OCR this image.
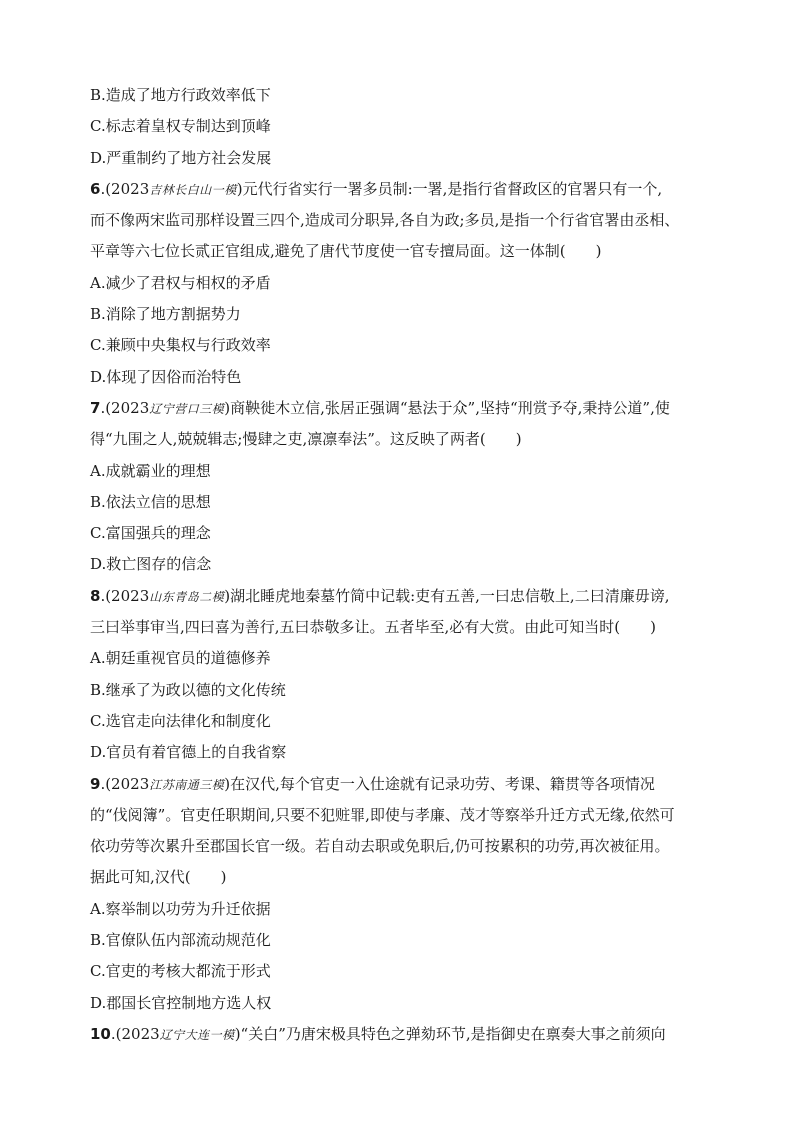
B.造成了地方行政效率低下
C.标志着皇权专制达到顶峰
D.严重制约了地方社会发展
6.(2023吉林长白山一模)元代行省实行一署多员制:一署,是指行省督政区的官署只有一个,
而不像两宋监司那样设置三四个,造成司分职异,各自为政;多员,是指一个行省官署由丞相、
平章等六七位长贰正官组成,避免了唐代节度使一官专擅局面。这一体制(　　)
A.减少了君权与相权的矛盾
B.消除了地方割据势力
C.兼顾中央集权与行政效率
D.体现了因俗而治特色
7.(2023辽宁营口三模)商鞅徙木立信,张居正强调“悬法于众”,坚持“刑赏予夺,秉持公道”,使
得“九围之人,兢兢辑志;慢肆之吏,凛凛奉法”。这反映了两者(　　)
A.成就霸业的理想
B.依法立信的思想
C.富国强兵的理念
D.救亡图存的信念
8.(2023山东青岛二模)湖北睡虎地秦墓竹简中记载:吏有五善,一曰忠信敬上,二曰清廉毋谤,
三曰举事审当,四曰喜为善行,五曰恭敬多让。五者毕至,必有大赏。由此可知当时(　　)
A.朝廷重视官员的道德修养
B.继承了为政以德的文化传统
C.选官走向法律化和制度化
D.官员有着官德上的自我省察
9.(2023江苏南通三模)在汉代,每个官吏一入仕途就有记录功劳、考课、籍贯等各项情况
的“伐阅簿”。官吏任职期间,只要不犯赃罪,即使与孝廉、茂才等察举升迁方式无缘,依然可
依功劳等次累升至郡国长官一级。若自动去职或免职后,仍可按累积的功劳,再次被征用。
据此可知,汉代(　　)
A.察举制以功劳为升迁依据
B.官僚队伍内部流动规范化
C.官吏的考核大都流于形式
D.郡国长官控制地方选人权
10.(2023辽宁大连一模)“关白”乃唐宋极具特色之弹劾环节,是指御史在禀奏大事之前须向
